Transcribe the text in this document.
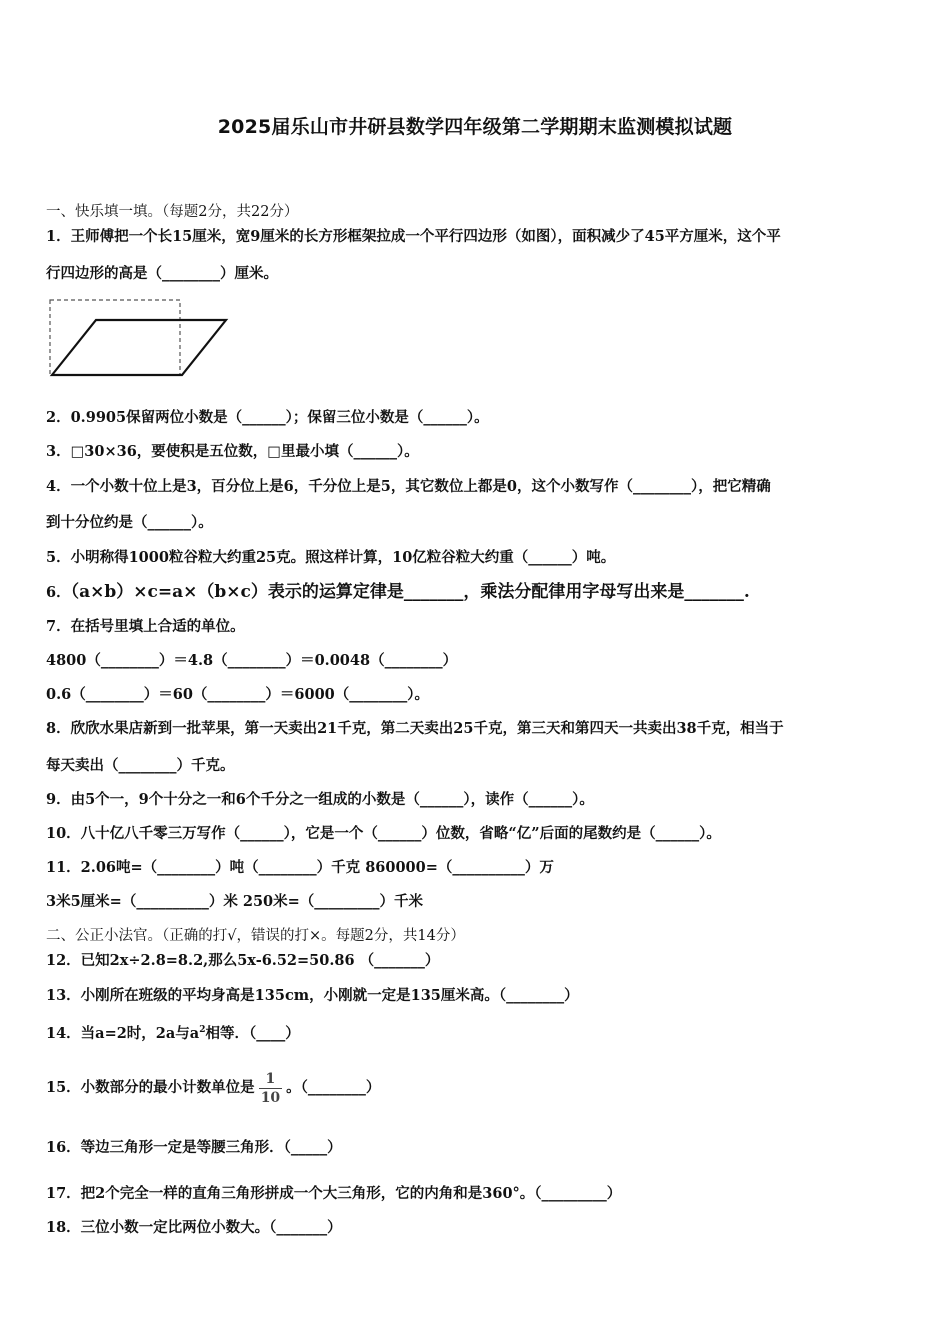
2025届乐山市井研县数学四年级第二学期期末监测模拟试题
一、快乐填一填。（每题2分，共22分）
1．王师傅把一个长15厘米，宽9厘米的长方形框架拉成一个平行四边形（如图），面积减少了45平方厘米，这个平
行四边形的高是（________）厘米。
2．0.9905保留两位小数是（______）；保留三位小数是（______）。
3．□30×36，要使积是五位数，□里最小填（______）。
4．一个小数十位上是3，百分位上是6，千分位上是5，其它数位上都是0，这个小数写作（________），把它精确
到十分位约是（______）。
5．小明称得1000粒谷粒大约重25克。照这样计算，10亿粒谷粒大约重（______）吨。
6．（a×b）×c=a×（b×c）表示的运算定律是_______，乘法分配律用字母写出来是_______.
7．在括号里填上合适的单位。
4800（________）＝4.8（________）＝0.0048（________）
0.6（________）＝60（________）＝6000（________）。
8．欣欣水果店新到一批苹果，第一天卖出21千克，第二天卖出25千克，第三天和第四天一共卖出38千克，相当于
每天卖出（________）千克。
9．由5个一，9个十分之一和6个千分之一组成的小数是（______），读作（______）。
10．八十亿八千零三万写作（______），它是一个（______）位数，省略“亿”后面的尾数约是（______）。
11．2.06吨=（________）吨（________）千克 860000=（__________）万
3米5厘米=（__________）米 250米=（_________）千米
二、公正小法官。（正确的打√，错误的打×。每题2分，共14分）
12．已知2x÷2.8=8.2,那么5x-6.52=50.86 （_______）
13．小刚所在班级的平均身高是135cm，小刚就一定是135厘米高。（________）
14．当a=2时，2a与$a^2$相等．（____）
15．小数部分的最小计数单位是 $\frac{1}{10}$ 。（________）
16．等边三角形一定是等腰三角形．（_____）
17．把2个完全一样的直角三角形拼成一个大三角形，它的内角和是360°。（_________）
18．三位小数一定比两位小数大。（_______）
